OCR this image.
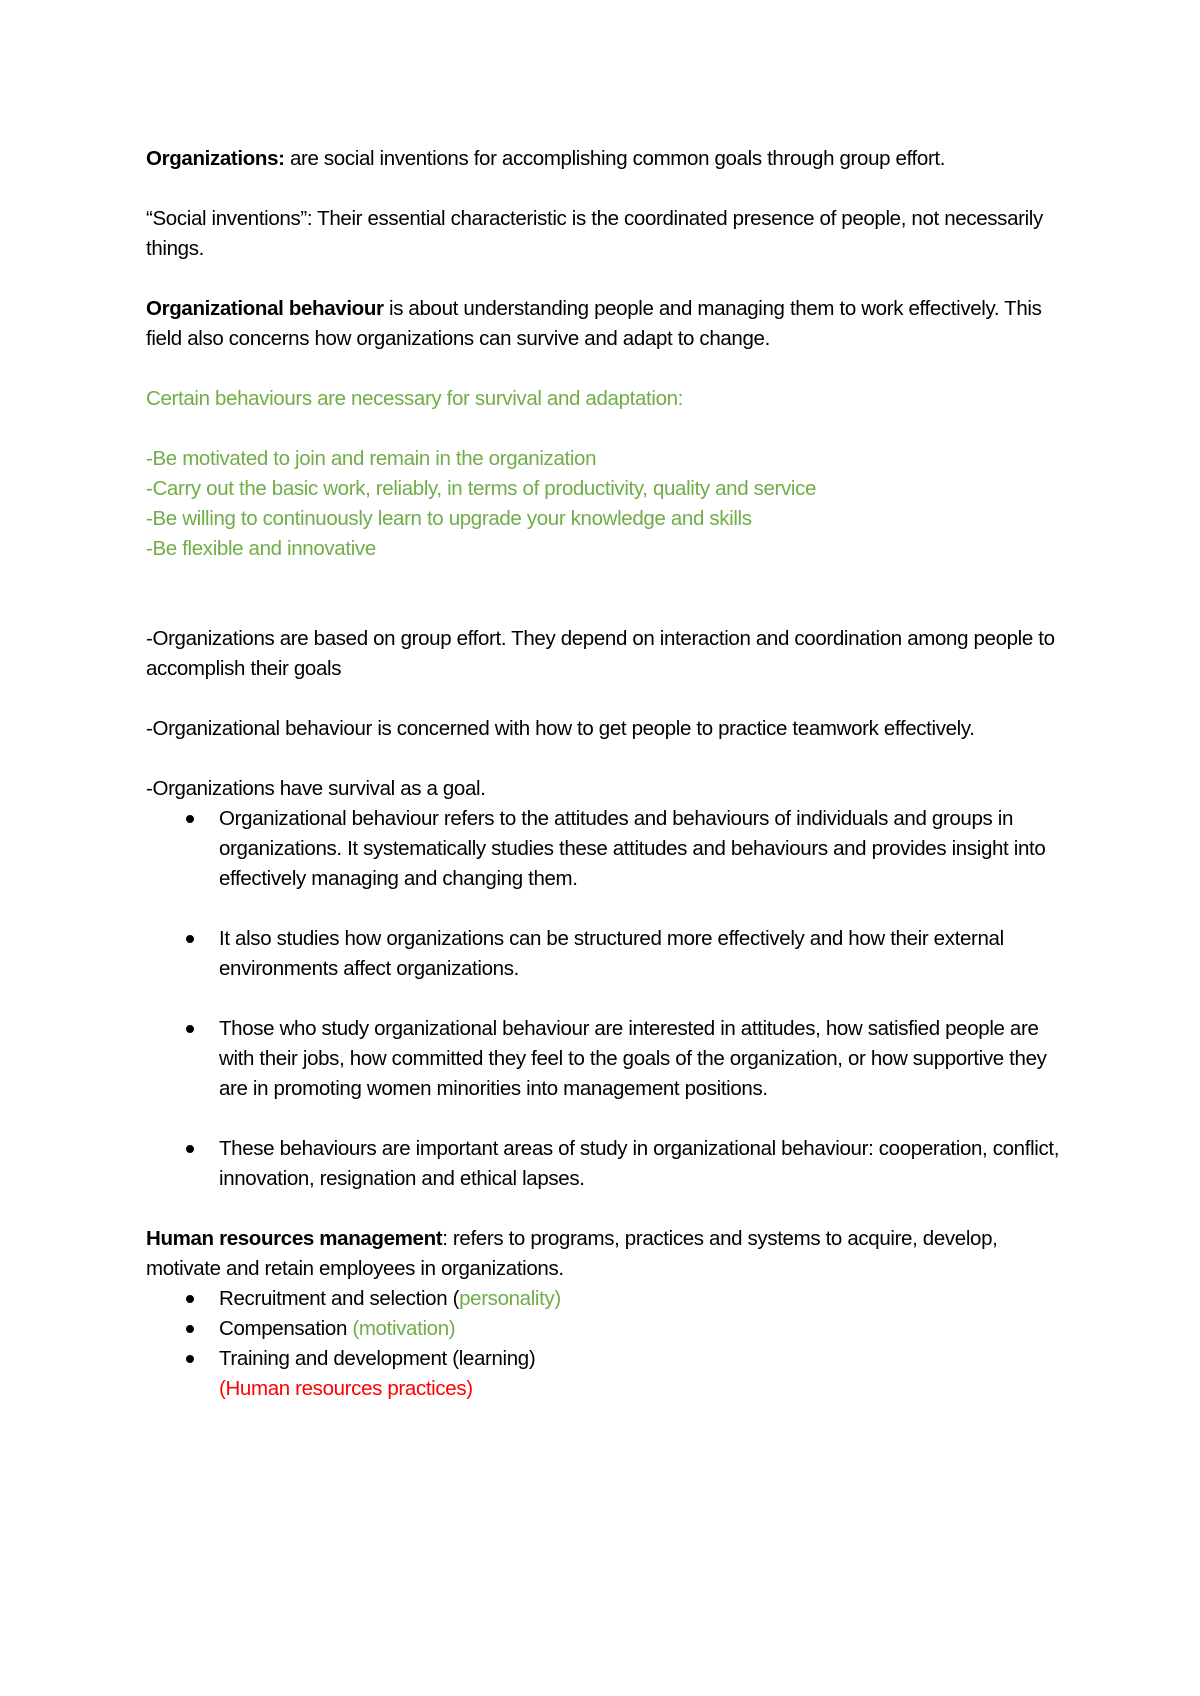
Organizations: are social inventions for accomplishing common goals through group effort.

“Social inventions”: Their essential characteristic is the coordinated presence of people, not necessarily things.

Organizational behaviour is about understanding people and managing them to work effectively. This field also concerns how organizations can survive and adapt to change.

Certain behaviours are necessary for survival and adaptation:

-Be motivated to join and remain in the organization

-Carry out the basic work, reliably, in terms of productivity, quality and service

-Be willing to continuously learn to upgrade your knowledge and skills

-Be flexible and innovative

-Organizations are based on group effort. They depend on interaction and coordination among people to accomplish their goals

-Organizational behaviour is concerned with how to get people to practice teamwork effectively.

-Organizations have survival as a goal.

Organizational behaviour refers to the attitudes and behaviours of individuals and groups in organizations. It systematically studies these attitudes and behaviours and provides insight into effectively managing and changing them.
It also studies how organizations can be structured more effectively and how their external environments affect organizations.
Those who study organizational behaviour are interested in attitudes, how satisfied people are with their jobs, how committed they feel to the goals of the organization, or how supportive they are in promoting women minorities into management positions.
These behaviours are important areas of study in organizational behaviour: cooperation, conflict, innovation, resignation and ethical lapses.

Human resources management: refers to programs, practices and systems to acquire, develop, motivate and retain employees in organizations.

Recruitment and selection (personality)
Compensation (motivation)
Training and development (learning)
(Human resources practices)
